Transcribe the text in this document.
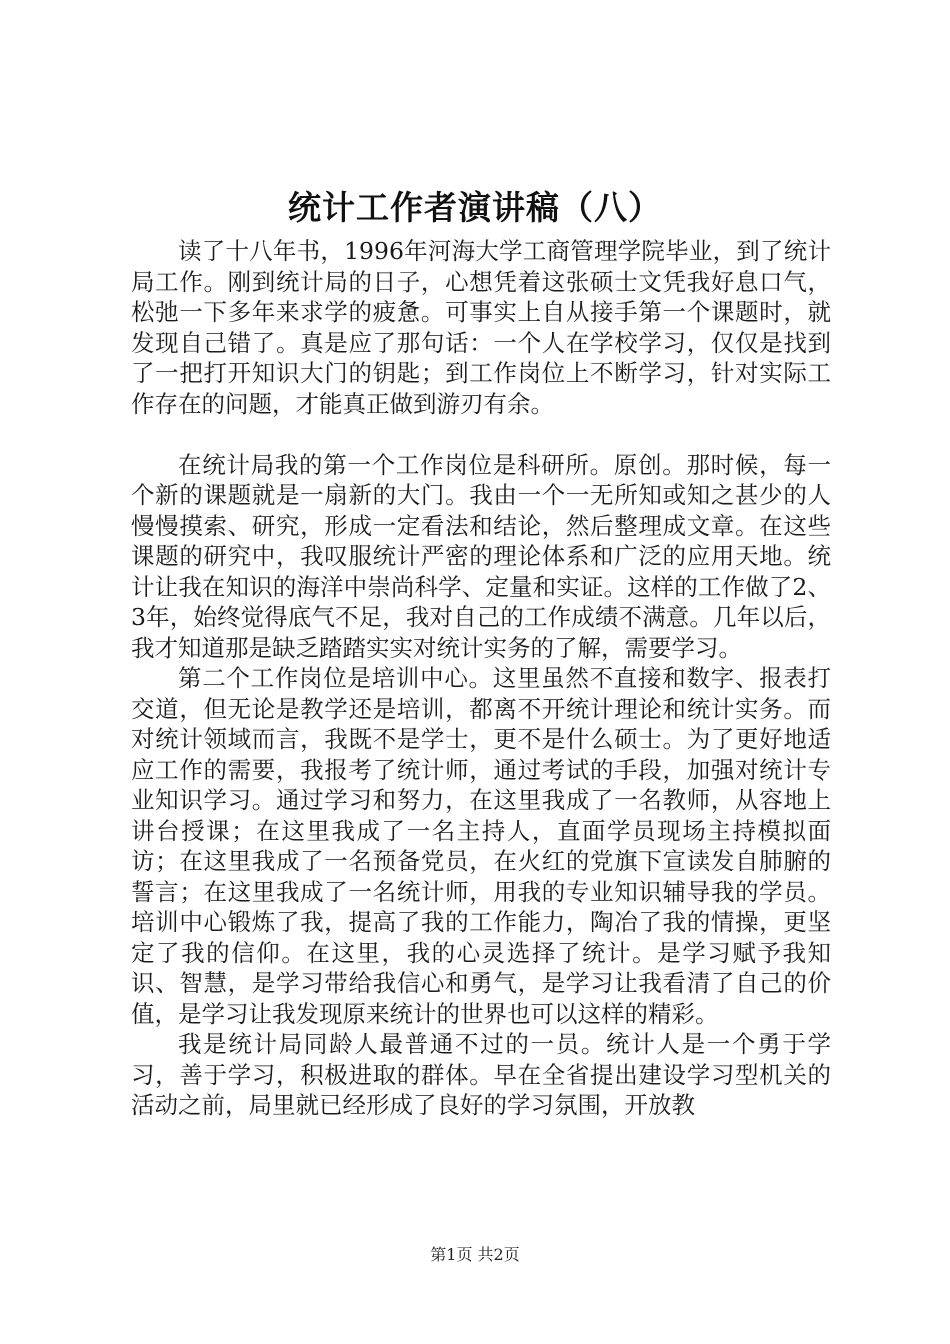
统计工作者演讲稿（八）

读了十八年书，1996年河海大学工商管理学院毕业，到了统计局工作。刚到统计局的日子，心想凭着这张硕士文凭我好息口气，松弛一下多年来求学的疲惫。可事实上自从接手第一个课题时，就发现自己错了。真是应了那句话：一个人在学校学习，仅仅是找到了一把打开知识大门的钥匙；到工作岗位上不断学习，针对实际工作存在的问题，才能真正做到游刃有余。

在统计局我的第一个工作岗位是科研所。原创。那时候，每一个新的课题就是一扇新的大门。我由一个一无所知或知之甚少的人慢慢摸索、研究，形成一定看法和结论，然后整理成文章。在这些课题的研究中，我叹服统计严密的理论体系和广泛的应用天地。统计让我在知识的海洋中崇尚科学、定量和实证。这样的工作做了2、3年，始终觉得底气不足，我对自己的工作成绩不满意。几年以后，我才知道那是缺乏踏踏实实对统计实务的了解，需要学习。

第二个工作岗位是培训中心。这里虽然不直接和数字、报表打交道，但无论是教学还是培训，都离不开统计理论和统计实务。而对统计领域而言，我既不是学士，更不是什么硕士。为了更好地适应工作的需要，我报考了统计师，通过考试的手段，加强对统计专业知识学习。通过学习和努力，在这里我成了一名教师，从容地上讲台授课；在这里我成了一名主持人，直面学员现场主持模拟面访；在这里我成了一名预备党员，在火红的党旗下宣读发自肺腑的誓言；在这里我成了一名统计师，用我的专业知识辅导我的学员。培训中心锻炼了我，提高了我的工作能力，陶冶了我的情操，更坚定了我的信仰。在这里，我的心灵选择了统计。是学习赋予我知识、智慧，是学习带给我信心和勇气，是学习让我看清了自己的价值，是学习让我发现原来统计的世界也可以这样的精彩。

我是统计局同龄人最普通不过的一员。统计人是一个勇于学习，善于学习，积极进取的群体。早在全省提出建设学习型机关的活动之前，局里就已经形成了良好的学习氛围，开放教

第1页 共2页
